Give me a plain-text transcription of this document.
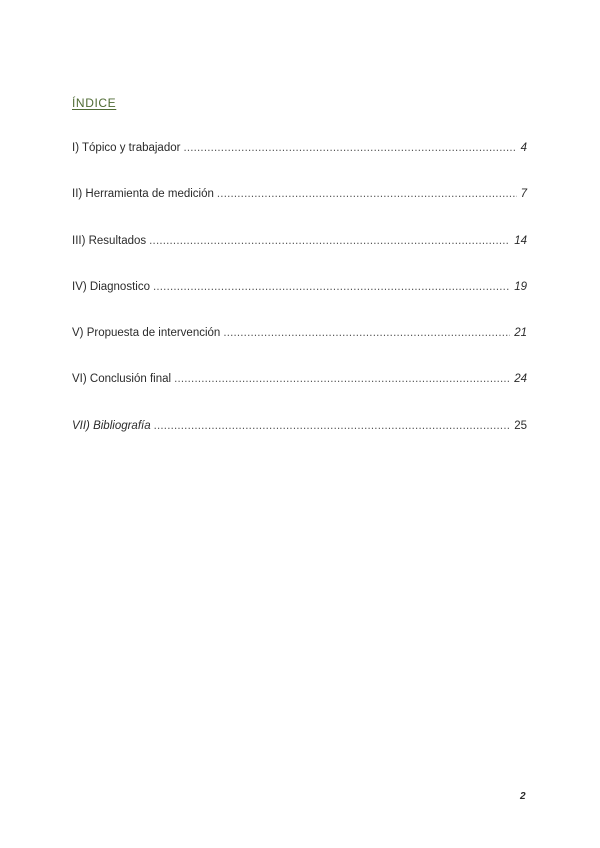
ÍNDICE
I) Tópico y trabajador .....	4
II) Herramienta de medición .....	7
III) Resultados .....	14
IV) Diagnostico .....	19
V) Propuesta de intervención .....	21
VI) Conclusión final .....	24
VII) Bibliografía .....	25
2
